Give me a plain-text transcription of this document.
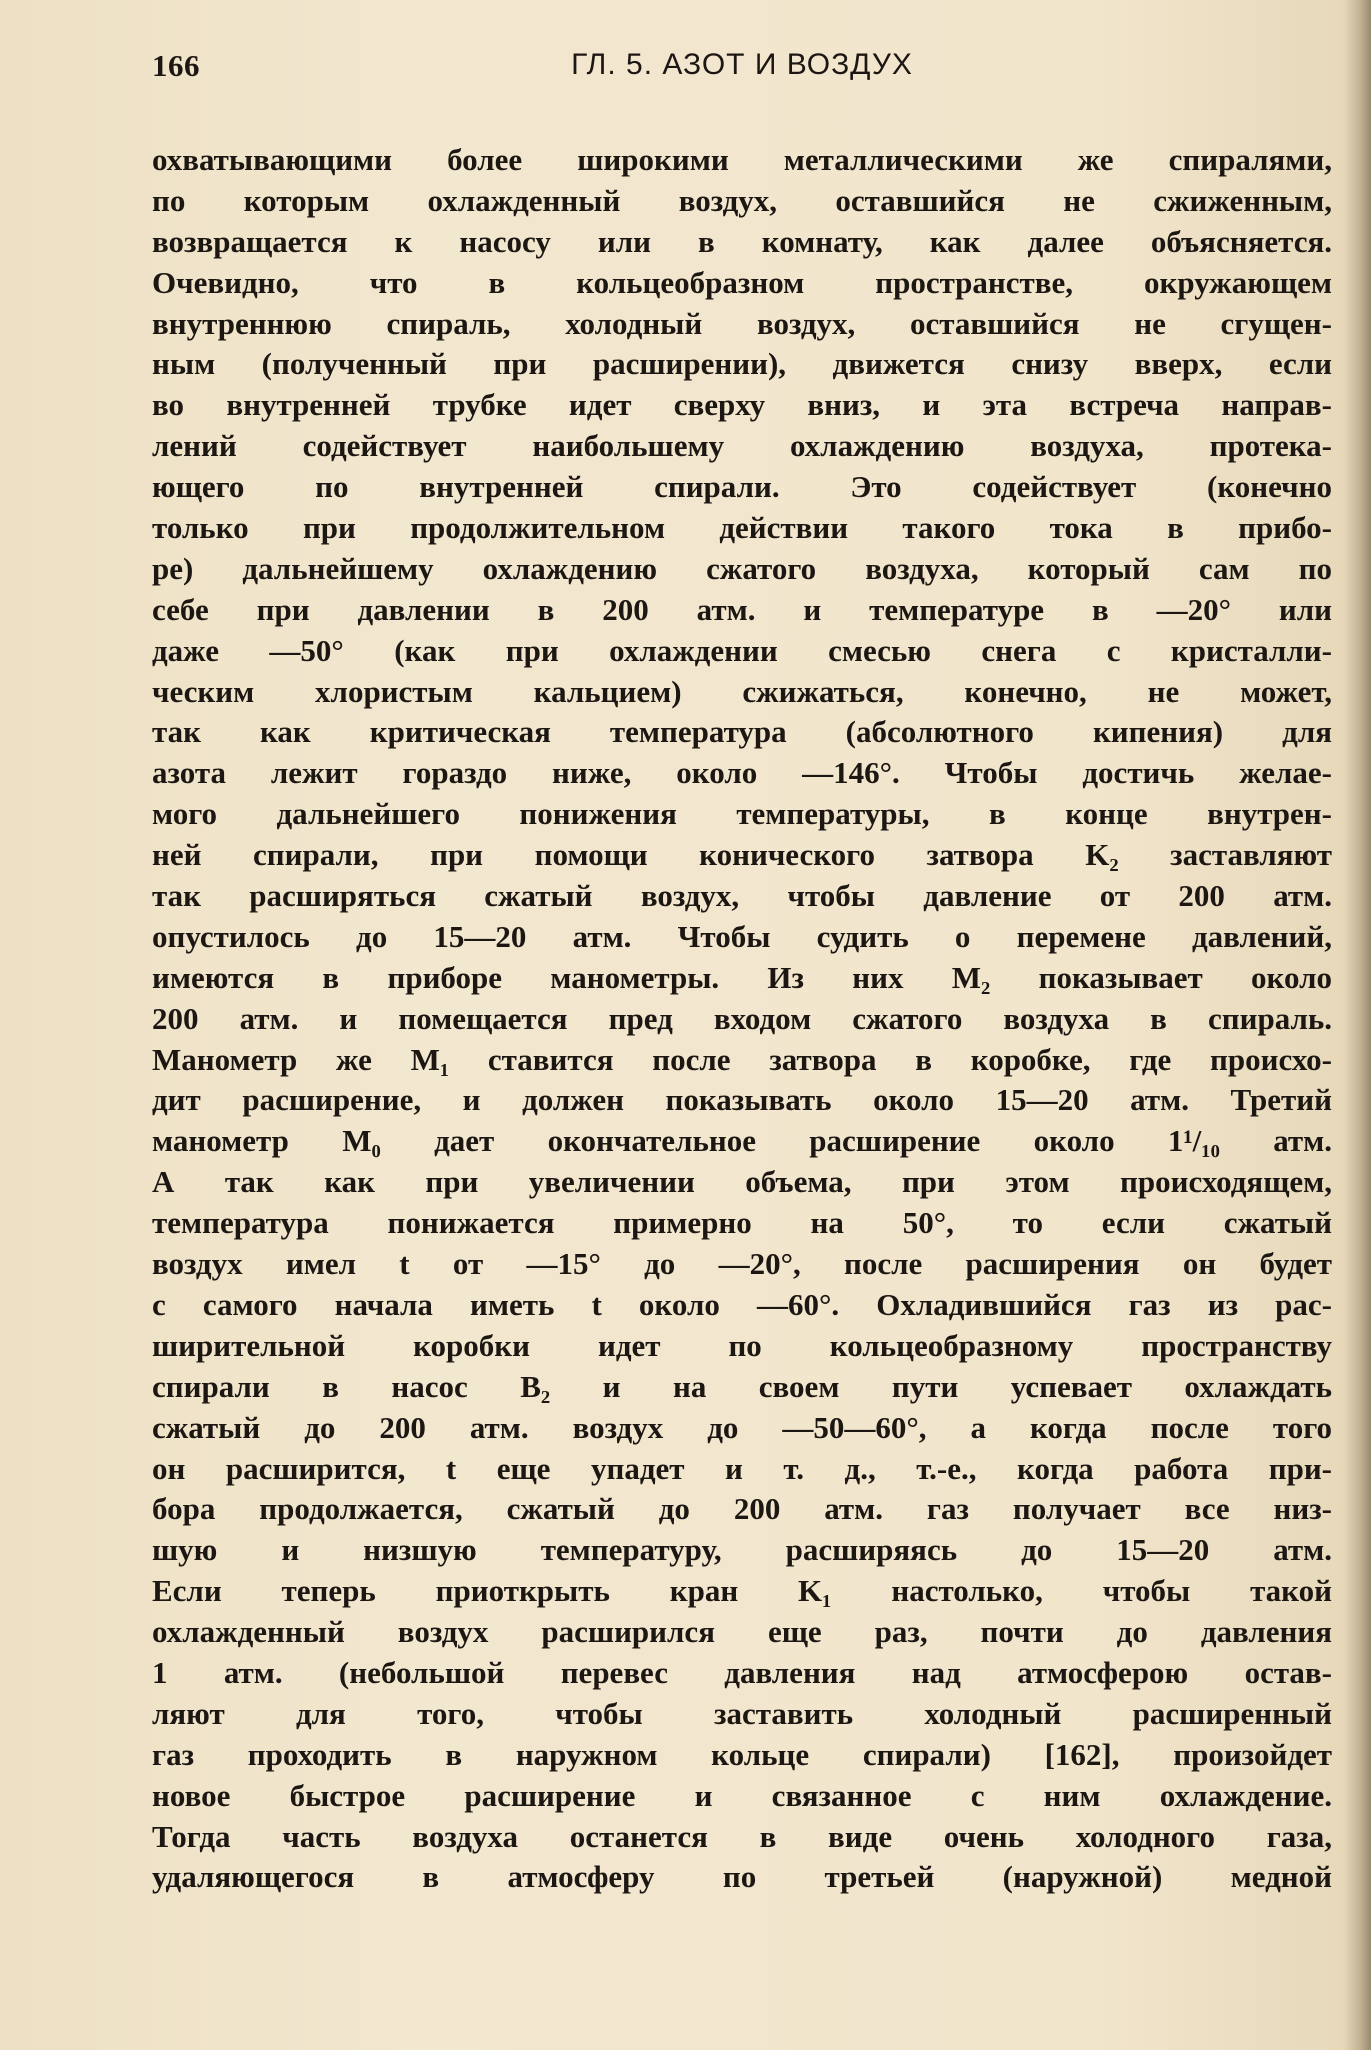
166	ГЛ. 5. АЗОТ И ВОЗДУХ
охватывающими более широкими металлическими же спиралями,
по которым охлажденный воздух, оставшийся не сжиженным,
возвращается к насосу или в комнату, как далее объясняется.
Очевидно, что в кольцеобразном пространстве, окружающем
внутреннюю спираль, холодный воздух, оставшийся не сгущен-
ным (полученный при расширении), движется снизу вверх, если
во внутренней трубке идет сверху вниз, и эта встреча направ-
лений содействует наибольшему охлаждению воздуха, протека-
ющего по внутренней спирали. Это содействует (конечно
только при продолжительном действии такого тока в прибо-
ре) дальнейшему охлаждению сжатого воздуха, который сам по
себе при давлении в 200 атм. и температуре в —20° или
даже —50° (как при охлаждении смесью снега с кристалли-
ческим хлористым кальцием) сжижаться, конечно, не может,
так как критическая температура (абсолютного кипения) для
азота лежит гораздо ниже, около —146°. Чтобы достичь желае-
мого дальнейшего понижения температуры, в конце внутрен-
ней спирали, при помощи конического затвора K₂ заставляют
так расширяться сжатый воздух, чтобы давление от 200 атм.
опустилось до 15—20 атм. Чтобы судить о перемене давлений,
имеются в приборе манометры. Из них M₂ показывает около
200 атм. и помещается пред входом сжатого воздуха в спираль.
Манометр же M₁ ставится после затвора в коробке, где происхо-
дит расширение, и должен показывать около 15—20 атм. Третий
манометр M₀ дает окончательное расширение около 1¹/₁₀ атм.
А так как при увеличении объема, при этом происходящем,
температура понижается примерно на 50°, то если сжатый
воздух имел t от —15° до —20°, после расширения он будет
с самого начала иметь t около —60°. Охладившийся газ из рас-
ширительной коробки идет по кольцеобразному пространству
спирали в насос B₂ и на своем пути успевает охлаждать
сжатый до 200 атм. воздух до —50—60°, а когда после того
он расширится, t еще упадет и т. д., т.-е., когда работа при-
бора продолжается, сжатый до 200 атм. газ получает все низ-
шую и низшую температуру, расширяясь до 15—20 атм.
Если теперь приоткрыть кран K₁ настолько, чтобы такой
охлажденный воздух расширился еще раз, почти до давления
1 атм. (небольшой перевес давления над атмосферою остав-
ляют для того, чтобы заставить холодный расширенный
газ проходить в наружном кольце спирали) [162], произойдет
новое быстрое расширение и связанное с ним охлаждение.
Тогда часть воздуха останется в виде очень холодного газа,
удаляющегося в атмосферу по третьей (наружной) медной
